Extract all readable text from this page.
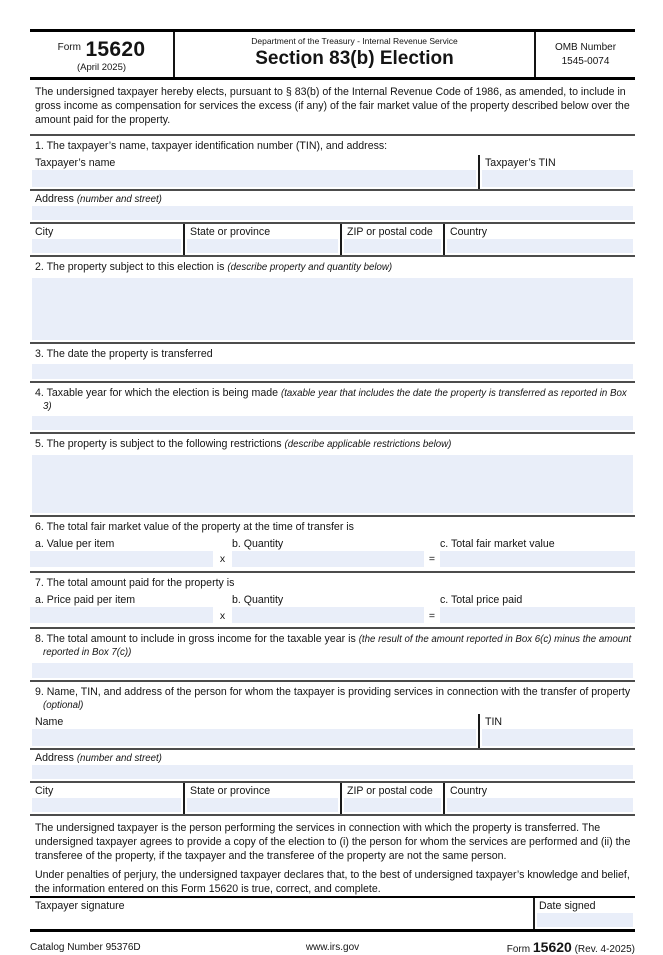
$^{Form}$ 15620
(April 2025)
Department of the Treasury - Internal Revenue Service
Section 83(b) Election
OMB Number
1545-0074
The undersigned taxpayer hereby elects, pursuant to § 83(b) of the Internal Revenue Code of 1986, as amended, to include in gross income as compensation for services the excess (if any) of the fair market value of the property described below over the amount paid for the property.
1. The taxpayer’s name, taxpayer identification number (TIN), and address:
Taxpayer’s name	Taxpayer’s TIN
Address (number and street)
City	State or province	ZIP or postal code	Country
2. The property subject to this election is (describe property and quantity below)
3. The date the property is transferred
4. Taxable year for which the election is being made (taxable year that includes the date the property is transferred as reported in Box 3)
5. The property is subject to the following restrictions (describe applicable restrictions below)
6. The total fair market value of the property at the time of transfer is
a. Value per item	b. Quantity	c. Total fair market value
x	=
7. The total amount paid for the property is
a. Price paid per item	b. Quantity	c. Total price paid
x	=
8. The total amount to include in gross income for the taxable year is (the result of the amount reported in Box 6(c) minus the amount reported in Box 7(c))
9. Name, TIN, and address of the person for whom the taxpayer is providing services in connection with the transfer of property (optional)
Name	TIN
Address (number and street)
City	State or province	ZIP or postal code	Country
The undersigned taxpayer is the person performing the services in connection with which the property is transferred. The undersigned taxpayer agrees to provide a copy of the election to (i) the person for whom the services are performed and (ii) the transferee of the property, if the taxpayer and the transferee of the property are not the same person.
Under penalties of perjury, the undersigned taxpayer declares that, to the best of undersigned taxpayer’s knowledge and belief, the information entered on this Form 15620 is true, correct, and complete.
Taxpayer signature	Date signed
Catalog Number 95376D	www.irs.gov	Form 15620 (Rev. 4-2025)
